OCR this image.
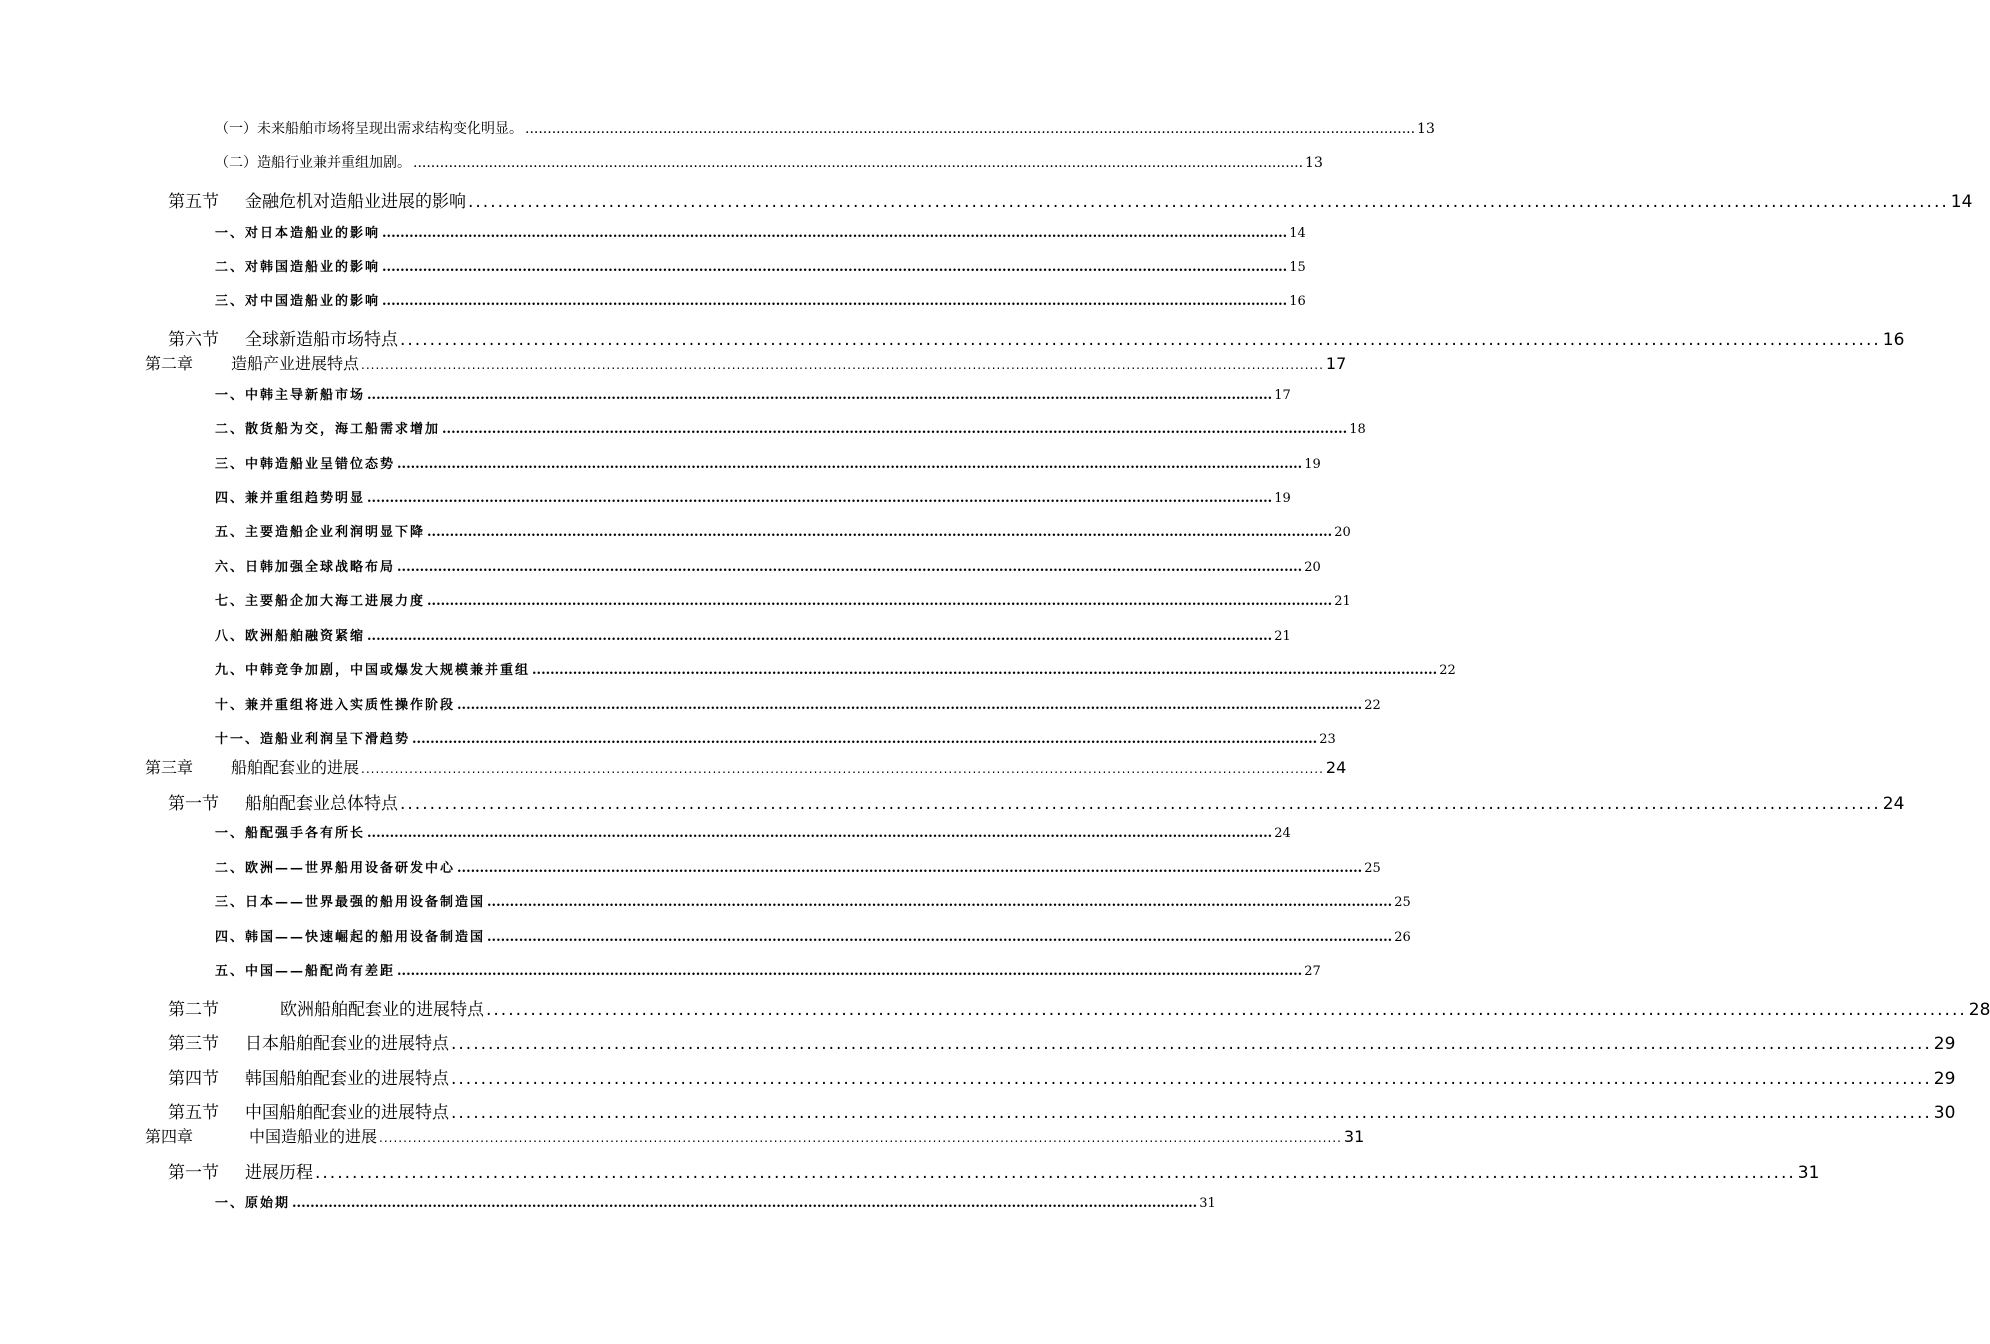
（一）未来船舶市场将呈现出需求结构变化明显。 ........................................................................................................................................................................................................ 13
（二）造船行业兼并重组加剧。 ........................................................................................................................................................................................................ 13
第五节 金融危机对造船业进展的影响 ........................................................................................................................................................................................................ 14
一、对日本造船业的影响 ........................................................................................................................................................................................................ 14
二、对韩国造船业的影响 ........................................................................................................................................................................................................ 15
三、对中国造船业的影响 ........................................................................................................................................................................................................ 16
第六节 全球新造船市场特点 ........................................................................................................................................................................................................ 16
第二章 造船产业进展特点 ........................................................................................................................................................................................................ 17
一、中韩主导新船市场 ........................................................................................................................................................................................................ 17
二、散货船为交，海工船需求增加 ........................................................................................................................................................................................................ 18
三、中韩造船业呈错位态势 ........................................................................................................................................................................................................ 19
四、兼并重组趋势明显 ........................................................................................................................................................................................................ 19
五、主要造船企业利润明显下降 ........................................................................................................................................................................................................ 20
六、日韩加强全球战略布局 ........................................................................................................................................................................................................ 20
七、主要船企加大海工进展力度 ........................................................................................................................................................................................................ 21
八、欧洲船舶融资紧缩 ........................................................................................................................................................................................................ 21
九、中韩竞争加剧，中国或爆发大规模兼并重组 ........................................................................................................................................................................................................ 22
十、兼并重组将进入实质性操作阶段 ........................................................................................................................................................................................................ 22
十一、造船业利润呈下滑趋势 ........................................................................................................................................................................................................ 23
第三章 船舶配套业的进展 ........................................................................................................................................................................................................ 24
第一节 船舶配套业总体特点 ........................................................................................................................................................................................................ 24
一、船配强手各有所长 ........................................................................................................................................................................................................ 24
二、欧洲——世界船用设备研发中心 ........................................................................................................................................................................................................ 25
三、日本——世界最强的船用设备制造国 ........................................................................................................................................................................................................ 25
四、韩国——快速崛起的船用设备制造国 ........................................................................................................................................................................................................ 26
五、中国——船配尚有差距 ........................................................................................................................................................................................................ 27
第二节	欧洲船舶配套业的进展特点 ........................................................................................................................................................................................................ 28
第三节 日本船舶配套业的进展特点 ........................................................................................................................................................................................................ 29
第四节 韩国船舶配套业的进展特点 ........................................................................................................................................................................................................ 29
第五节 中国船舶配套业的进展特点 ........................................................................................................................................................................................................ 30
第四章	中国造船业的进展 ........................................................................................................................................................................................................ 31
第一节 进展历程 ........................................................................................................................................................................................................ 31
一、原始期 ........................................................................................................................................................................................................ 31
